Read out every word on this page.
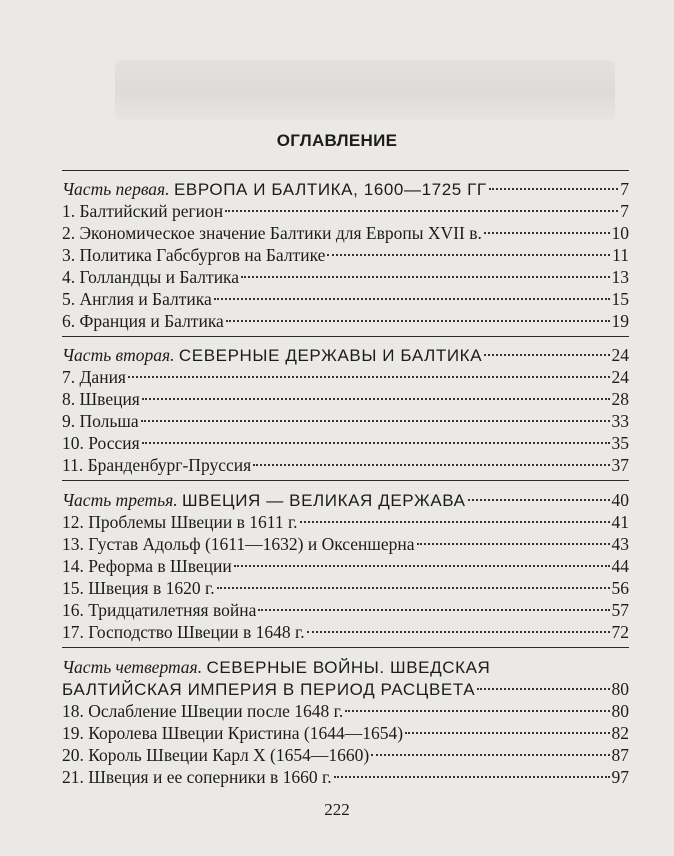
ОГЛАВЛЕНИЕ
Часть первая. ЕВРОПА И БАЛТИКА, 1600—1725 ГГ	7
1. Балтийский регион	7
2. Экономическое значение Балтики для Европы XVII в.	10
3. Политика Габсбургов на Балтике	11
4. Голландцы и Балтика	13
5. Англия и Балтика	15
6. Франция и Балтика	19
Часть вторая. СЕВЕРНЫЕ ДЕРЖАВЫ И БАЛТИКА	24
7. Дания	24
8. Швеция	28
9. Польша	33
10. Россия	35
11. Бранденбург-Пруссия	37
Часть третья. ШВЕЦИЯ — ВЕЛИКАЯ ДЕРЖАВА	40
12. Проблемы Швеции в 1611 г.	41
13. Густав Адольф (1611—1632) и Оксеншерна	43
14. Реформа в Швеции	44
15. Швеция в 1620 г.	56
16. Тридцатилетняя война	57
17. Господство Швеции в 1648 г.	72
Часть четвертая. СЕВЕРНЫЕ ВОЙНЫ. ШВЕДСКАЯ
БАЛТИЙСКАЯ ИМПЕРИЯ В ПЕРИОД РАСЦВЕТА	80
18. Ослабление Швеции после 1648 г.	80
19. Королева Швеции Кристина (1644—1654)	82
20. Король Швеции Карл X (1654—1660)	87
21. Швеция и ее соперники в 1660 г.	97
222
